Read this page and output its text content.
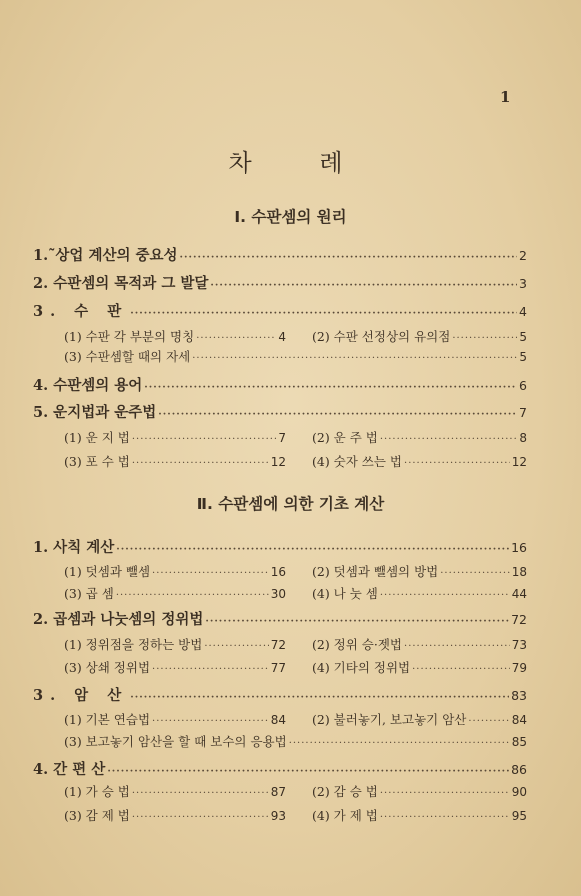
1
차 례
Ⅰ. 수판셈의 원리
1.˜상업 계산의 중요성 ·····	2
2. 수판셈의 목적과 그 발달 ·····	3
3. 수 판 ·····	4
(1) 수판 각 부분의 명칭 ·····	4 (2) 수판 선정상의 유의점 ·····	5
(3) 수판셈할 때의 자세 ·····	5
4. 수판셈의 용어 ·····	6
5. 운지법과 운주법 ·····	7
(1) 운 지 법 ·····	7 (2) 운 주 법 ·····	8
(3) 포 수 법 ·····	12 (4) 숫자 쓰는 법 ·····	12
Ⅱ. 수판셈에 의한 기초 계산
1. 사칙 계산 ·····	16
(1) 덧셈과 뺄셈 ·····	16 (2) 덧셈과 뺄셈의 방법 ·····	18
(3) 곱 셈 ·····	30 (4) 나 눗 셈 ·····	44
2. 곱셈과 나눗셈의 정위법 ·····	72
(1) 정위점을 정하는 방법 ·····	72 (2) 정위 승·젯법 ·····	73
(3) 상쇄 정위법 ·····	77 (4) 기타의 정위법 ·····	79
3. 암 산 ·····	83
(1) 기본 연습법 ·····	84 (2) 불러놓기, 보고놓기 암산 ·····	84
(3) 보고놓기 암산을 할 때 보수의 응용법 ·····	85
4. 간 편 산 ·····	86
(1) 가 승 법 ·····	87 (2) 감 승 법 ·····	90
(3) 감 제 법 ·····	93 (4) 가 제 법 ·····	95
